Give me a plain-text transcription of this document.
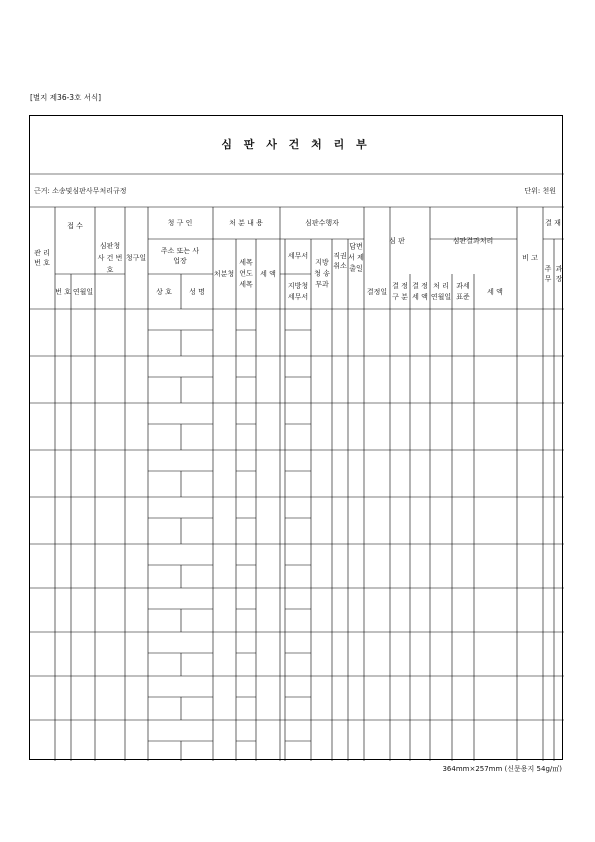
[별지 제36-3호 서식]
심 판 사 건 처 리 부
근거: 소송및심판사무처리규정	단위: 천원
관 리 번 호
접 수
번 호 연월일
심판청 사 건 번 호
청구일
청 구 인
주소 또는 사업장
상 호 성 명
처 분 내 용
처분청
세목 연도 세목
세 액
심판수행자
세무서
지방청 세무서
지방청 송무과
직권 취소
답변서 제출일
심 판
결정일
결 정 구 분
결 정 세 액
심판결과처리
처 리 연월일
과세 표준
세 액
비 고
결 재
주 무
과 장
364mm×257mm (신문용지 54g/㎡)
